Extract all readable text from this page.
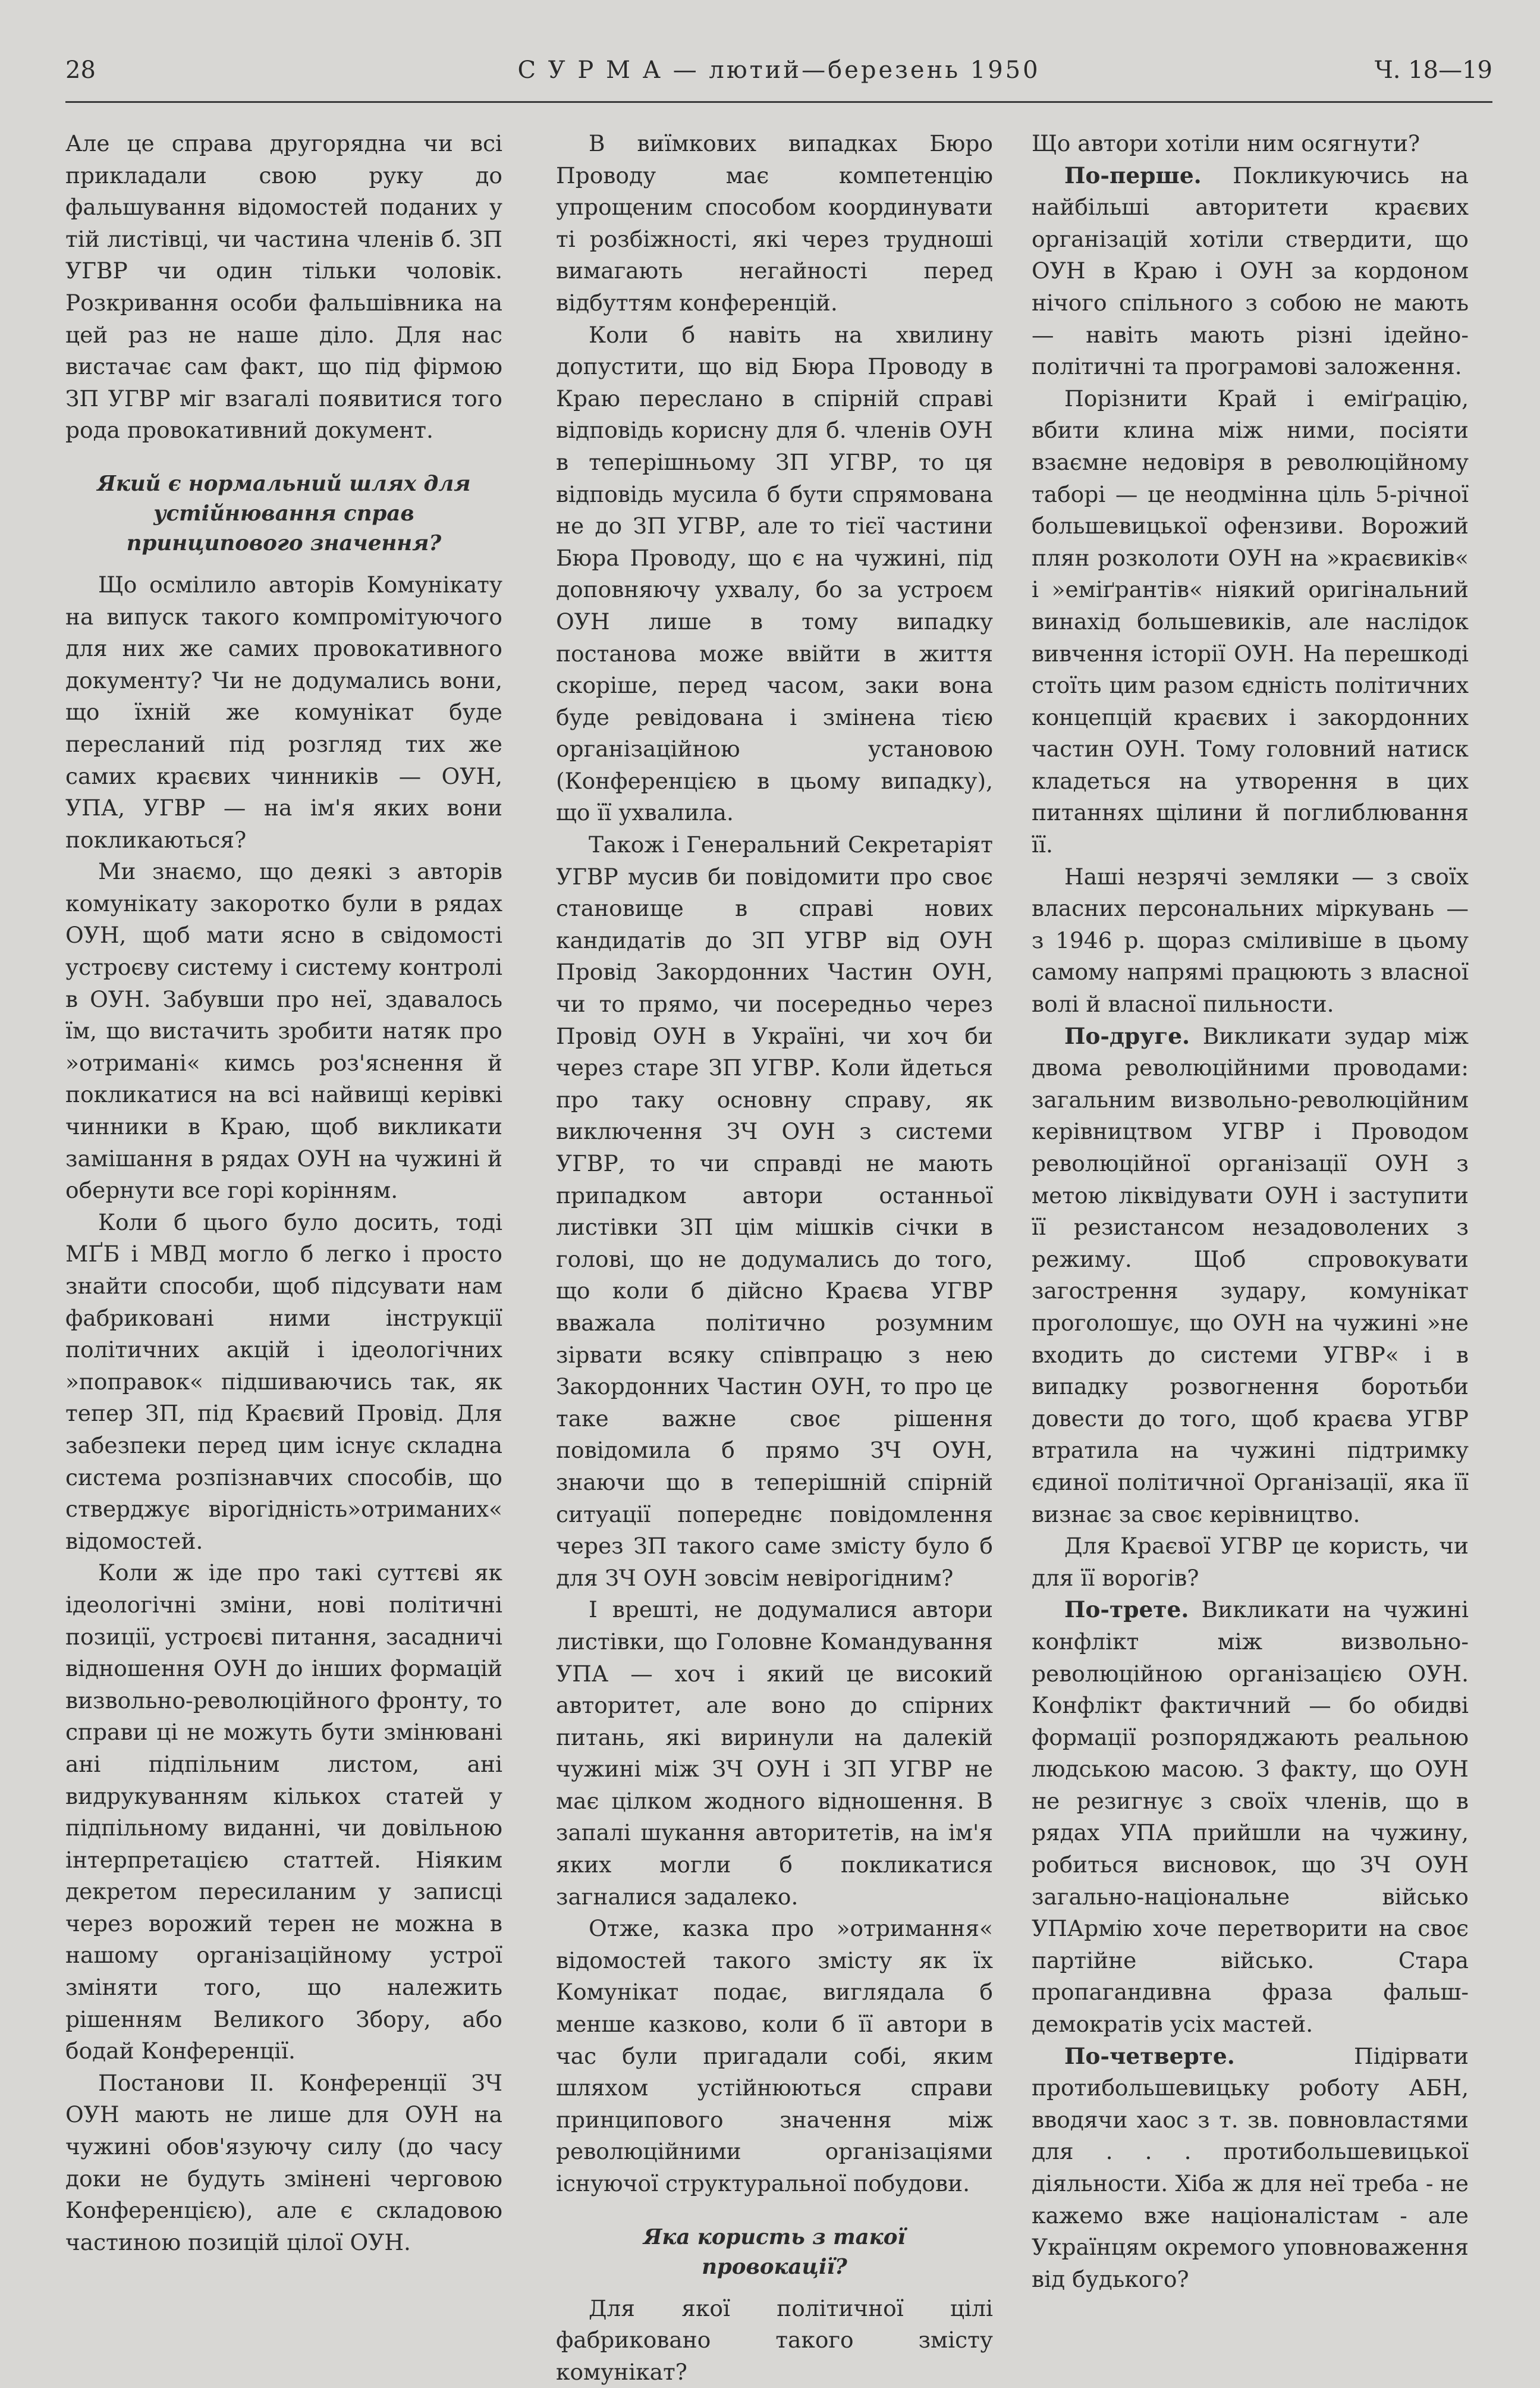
28	С У Р М А — лютий—березень 1950	Ч. 18—19

Але це справа другорядна чи всі прикладали свою руку до фальшування відомостей поданих у тій листівці, чи частина членів б. ЗП УГВР чи один тільки чоловік. Розкривання особи фальшівника на цей раз не наше діло. Для нас вистачає сам факт, що під фірмою ЗП УГВР міг взагалі появитися того рода провокативний документ.

Який є нормальний шлях для устійнювання справ принципового значення?

Що осмілило авторів Комунікату на випуск такого компромітуючого для них же самих провокативного документу? Чи не додумались вони, що їхній же комунікат буде пересланий під розгляд тих же самих краєвих чинників — ОУН, УПА, УГВР — на ім'я яких вони покликаються?

Ми знаємо, що деякі з авторів комунікату закоротко були в рядах ОУН, щоб мати ясно в свідомості устроєву систему і систему контролі в ОУН. Забувши про неї, здавалось їм, що вистачить зробити натяк про »отримані« кимсь роз'яснення й покликатися на всі найвищі керівкі чинники в Краю, щоб викликати замішання в рядах ОУН на чужині й обернути все горі корінням.

Коли б цього було досить, тоді МҐБ і МВД могло б легко і просто знайти способи, щоб підсувати нам фабриковані ними інструкції політичних акцій і ідеологічних »поправок« підшиваючись так, як тепер ЗП, під Краєвий Провід. Для забезпеки перед цим існує складна система розпізнавчих способів, що стверджує вірогідність»отриманих« відомостей.

Коли ж іде про такі суттєві як ідеологічні зміни, нові політичні позиції, устроєві питання, засадничі відношення ОУН до інших формацій визвольно-революційного фронту, то справи ці не можуть бути змінювані ані підпільним листом, ані видрукуванням кількох статей у підпільному виданні, чи довільною інтерпретацією статтей. Ніяким декретом пересиланим у записці через ворожий терен не можна в нашому організаційному устрої зміняти того, що належить рішенням Великого Збору, або бодай Конференції.

Постанови II. Конференції ЗЧ ОУН мають не лише для ОУН на чужині обов'язуючу силу (до часу доки не будуть змінені черговою Конференцією), але є складовою частиною позицій цілої ОУН.

В виїмкових випадках Бюро Проводу має компетенцію упрощеним способом координувати ті розбіжності, які через трудноші вимагають негайності перед відбуттям конференцій.

Коли б навіть на хвилину допустити, що від Бюра Проводу в Краю переслано в спірній справі відповідь корисну для б. членів ОУН в теперішньому ЗП УГВР, то ця відповідь мусила б бути спрямована не до ЗП УГВР, але то тієї частини Бюра Проводу, що є на чужині, під доповняючу ухвалу, бо за устроєм ОУН лише в тому випадку постанова може ввійти в життя скоріше, перед часом, заки вона буде ревідована і змінена тією організаційною установою (Конференцією в цьому випадку), що її ухвалила.

Також і Генеральний Секретаріят УГВР мусив би повідомити про своє становище в справі нових кандидатів до ЗП УГВР від ОУН Провід Закордонних Частин ОУН, чи то прямо, чи посередньо через Провід ОУН в Україні, чи хоч би через старе ЗП УГВР. Коли йдеться про таку основну справу, як виключення ЗЧ ОУН з системи УГВР, то чи справді не мають припадком автори останньої листівки ЗП цім мішків січки в голові, що не додумались до того, що коли б дійсно Краєва УГВР вважала політично розумним зірвати всяку співпрацю з нею Закордонних Частин ОУН, то про це таке важне своє рішення повідомила б прямо ЗЧ ОУН, знаючи що в теперішній спірній ситуації попереднє повідомлення через ЗП такого саме змісту було б для ЗЧ ОУН зовсім невірогідним?

І врешті, не додумалися автори листівки, що Головне Командування УПА — хоч і який це високий авторитет, але воно до спірних питань, які виринули на далекій чужині між ЗЧ ОУН і ЗП УГВР не має цілком жодного відношення. В запалі шукання авторитетів, на ім'я яких могли б покликатися загналися задалеко.

Отже, казка про »отримання« відомостей такого змісту як їх Комунікат подає, виглядала б менше казково, коли б її автори в час були пригадали собі, яким шляхом устійнюються справи принципового значення між революційними організаціями існуючої структуральної побудови.

Яка користь з такої провокації?

Для якої політичної цілі фабриковано такого змісту комунікат?

Що автори хотіли ним осягнути?

По-перше. Покликуючись на найбільші авторитети краєвих організацій хотіли ствердити, що ОУН в Краю і ОУН за кордоном нічого спільного з собою не мають — навіть мають різні ідейно-політичні та програмові заложення.

Порізнити Край і еміґрацію, вбити клина між ними, посіяти взаємне недовіря в революційному таборі — це неодмінна ціль 5-річної большевицької офензиви. Ворожий плян розколоти ОУН на »краєвиків« і »еміґрантів« ніякий оригінальний винахід большевиків, але наслідок вивчення історії ОУН. На перешкоді стоїть цим разом єдність політичних концепцій краєвих і закордонних частин ОУН. Тому головний натиск кладеться на утворення в цих питаннях щілини й поглиблювання її.

Наші незрячі земляки — з своїх власних персональних міркувань — з 1946 р. щораз сміливіше в цьому самому напрямі працюють з власної волі й власної пильности.

По-друге. Викликати зудар між двома революційними проводами: загальним визвольно-революційним керівництвом УГВР і Проводом революційної організації ОУН з метою ліквідувати ОУН і заступити її резистансом незадоволених з режиму. Щоб спровокувати загострення зудару, комунікат проголошує, що ОУН на чужині »не входить до системи УГВР« і в випадку розвогнення боротьби довести до того, щоб краєва УГВР втратила на чужині підтримку єдиної політичної Організації, яка її визнає за своє керівництво.

Для Краєвої УГВР це користь, чи для її ворогів?

По-трете. Викликати на чужині конфлікт між визвольно-революційною організацією ОУН. Конфлікт фактичний — бо обидві формації розпоряджають реальною людською масою. З факту, що ОУН не резигнує з своїх членів, що в рядах УПА прийшли на чужину, робиться висновок, що ЗЧ ОУН загально-національне військо УПАрмію хоче перетворити на своє партійне військо. Стара пропагандивна фраза фальш-демократів усіх мастей.

По-четверте.	Підірвати протибольшевицьку роботу АБН, вводячи хаос з т. зв. повновластями для . . . протибольшевицької діяльности. Хіба ж для неї треба - не кажемо вже націоналістам - але Українцям окремого уповноваження від будького?
